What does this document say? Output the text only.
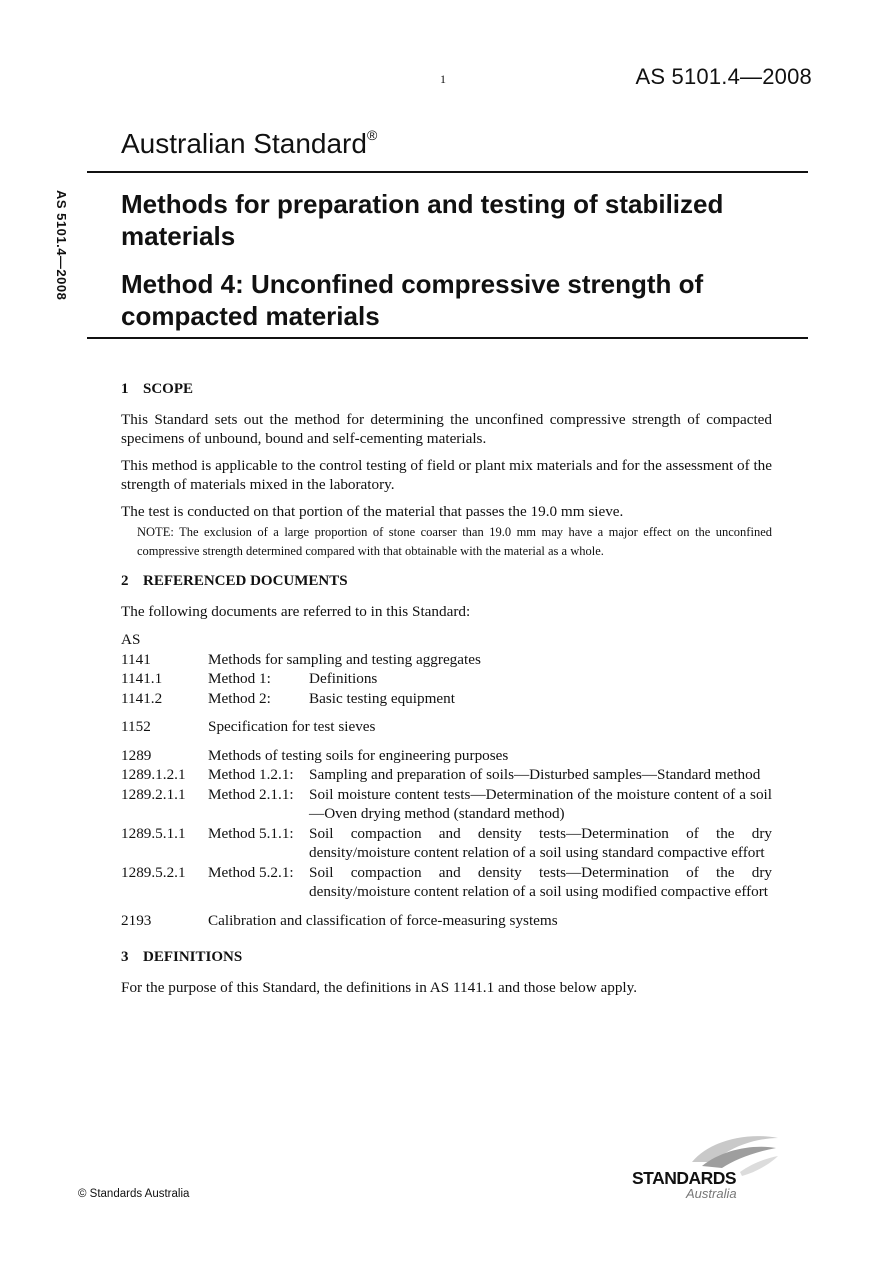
1	AS 5101.4—2008
AS 5101.4—2008
Australian Standard®
Methods for preparation and testing of stabilized materials
Method 4: Unconfined compressive strength of compacted materials
1 SCOPE

This Standard sets out the method for determining the unconfined compressive strength of compacted specimens of unbound, bound and self-cementing materials.

This method is applicable to the control testing of field or plant mix materials and for the assessment of the strength of materials mixed in the laboratory.

The test is conducted on that portion of the material that passes the 19.0 mm sieve.

NOTE: The exclusion of a large proportion of stone coarser than 19.0 mm may have a major effect on the unconfined compressive strength determined compared with that obtainable with the material as a whole.
2 REFERENCED DOCUMENTS

The following documents are referred to in this Standard:

AS
1141	Methods for sampling and testing aggregates	
1141.1	Method 1:	Definitions
1141.2	Method 2:	Basic testing equipment
1152	Specification for test sieves	
1289	Methods of testing soils for engineering purposes	
1289.1.2.1	Method 1.2.1:	Sampling and preparation of soils—Disturbed samples—Standard method
1289.2.1.1	Method 2.1.1:	Soil moisture content tests—Determination of the moisture content of a soil—Oven drying method (standard method)
1289.5.1.1	Method 5.1.1:	Soil compaction and density tests—Determination of the dry density/moisture content relation of a soil using standard compactive effort
1289.5.2.1	Method 5.2.1:	Soil compaction and density tests—Determination of the dry density/moisture content relation of a soil using modified compactive effort
2193	Calibration and classification of force-measuring systems	
3 DEFINITIONS

For the purpose of this Standard, the definitions in AS 1141.1 and those below apply.

© Standards Australia
STANDARDS
Australia
